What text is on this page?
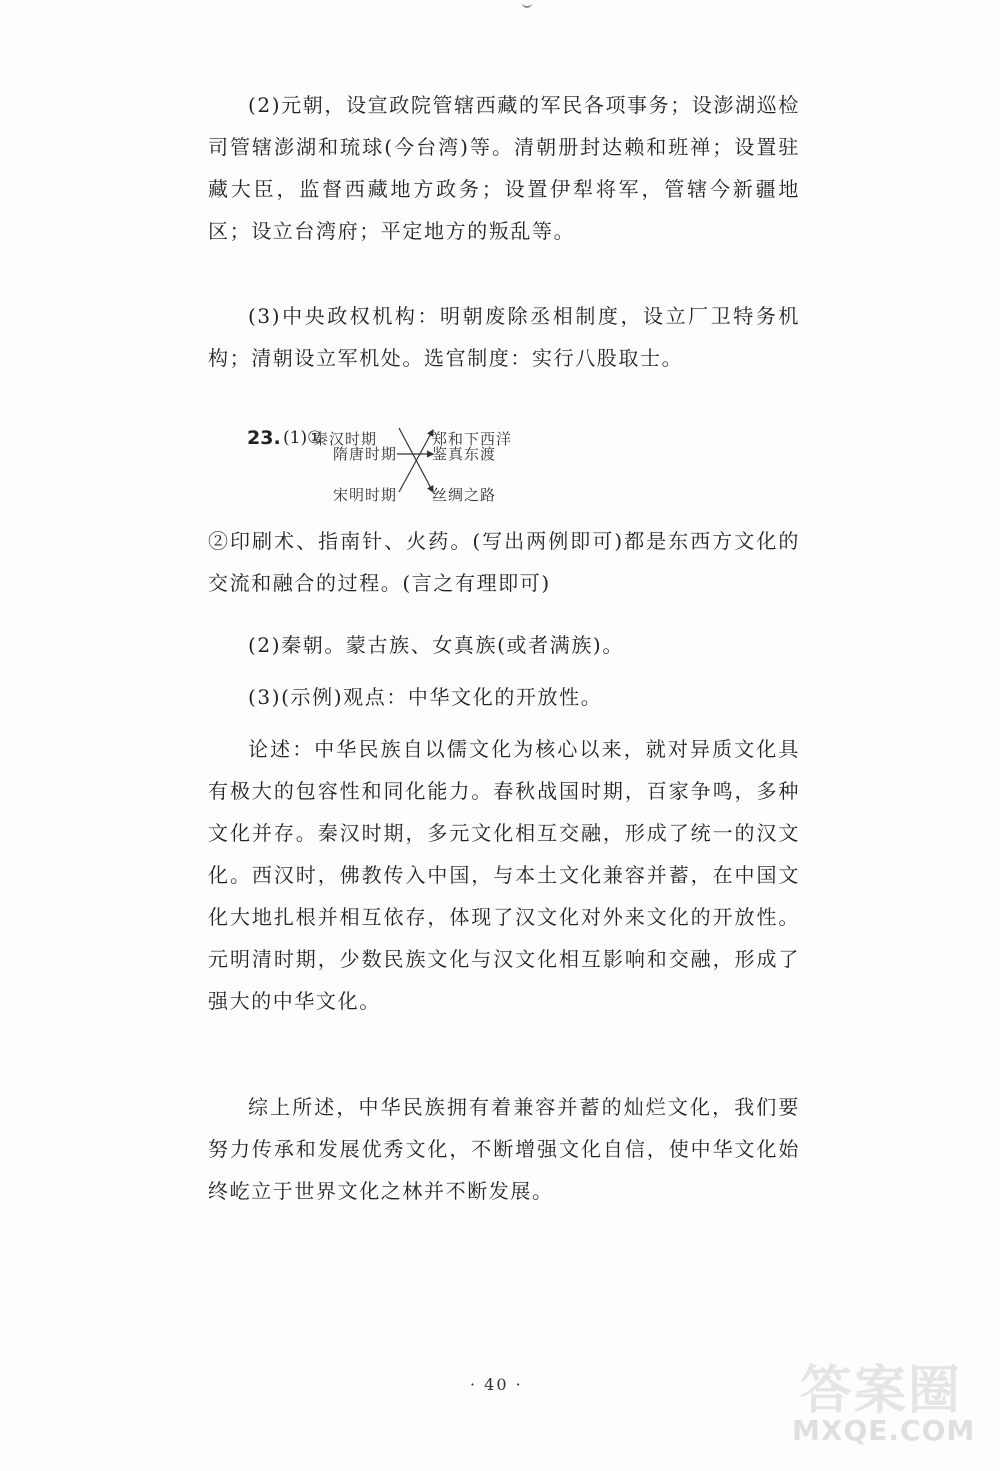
(2)元朝，设宣政院管辖西藏的军民各项事务；设澎湖巡检司管辖澎湖和琉球(今台湾)等。清朝册封达赖和班禅；设置驻藏大臣，监督西藏地方政务；设置伊犁将军，管辖今新疆地区；设立台湾府；平定地方的叛乱等。
(3)中央政权机构：明朝废除丞相制度，设立厂卫特务机构；清朝设立军机处。选官制度：实行八股取士。
23. (1)①
秦汉时期
隋唐时期
宋明时期
郑和下西洋
鉴真东渡
丝绸之路
②印刷术、指南针、火药。(写出两例即可)都是东西方文化的交流和融合的过程。(言之有理即可)
(2)秦朝。蒙古族、女真族(或者满族)。
(3)(示例)观点：中华文化的开放性。
论述：中华民族自以儒文化为核心以来，就对异质文化具有极大的包容性和同化能力。春秋战国时期，百家争鸣，多种文化并存。秦汉时期，多元文化相互交融，形成了统一的汉文化。西汉时，佛教传入中国，与本土文化兼容并蓄，在中国文化大地扎根并相互依存，体现了汉文化对外来文化的开放性。元明清时期，少数民族文化与汉文化相互影响和交融，形成了强大的中华文化。
综上所述，中华民族拥有着兼容并蓄的灿烂文化，我们要努力传承和发展优秀文化，不断增强文化自信，使中华文化始终屹立于世界文化之林并不断发展。
· 40 ·	答案圈
MXQE.COM
